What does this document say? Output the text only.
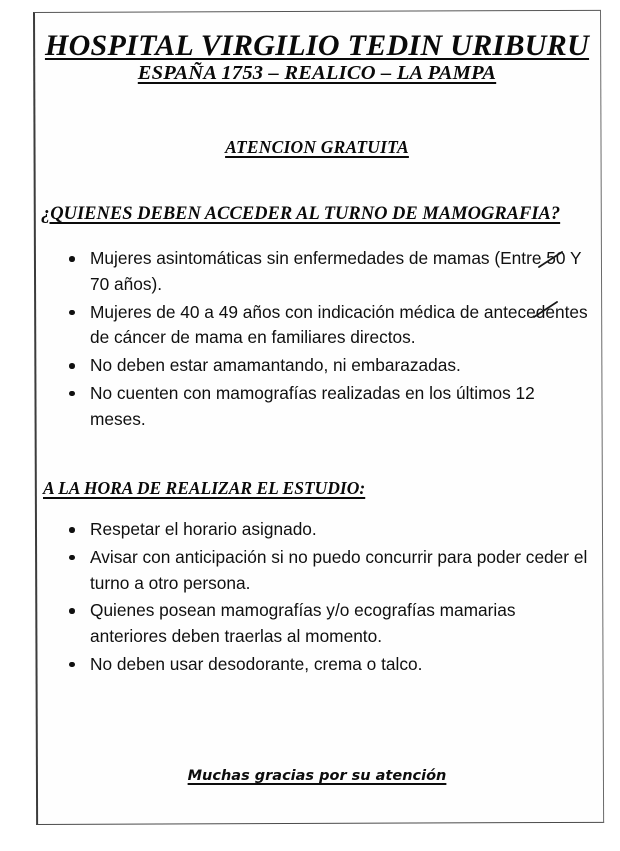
HOSPITAL VIRGILIO TEDIN URIBURU
ESPAÑA 1753 – REALICO – LA PAMPA
ATENCION GRATUITA
¿QUIENES DEBEN ACCEDER AL TURNO DE MAMOGRAFIA?
Mujeres asintomáticas sin enfermedades de mamas (Entre 50 Y 70 años).
Mujeres de 40 a 49 años con indicación médica de antecedentes de cáncer de mama en familiares directos.
No deben estar amamantando, ni embarazadas.
No cuenten con mamografías realizadas en los últimos 12 meses.
A LA HORA DE REALIZAR EL ESTUDIO:
Respetar el horario asignado.
Avisar con anticipación si no puedo concurrir para poder ceder el turno a otro persona.
Quienes posean mamografías y/o ecografías mamarias anteriores deben traerlas al momento.
No deben usar desodorante, crema o talco.
Muchas gracias por su atención
